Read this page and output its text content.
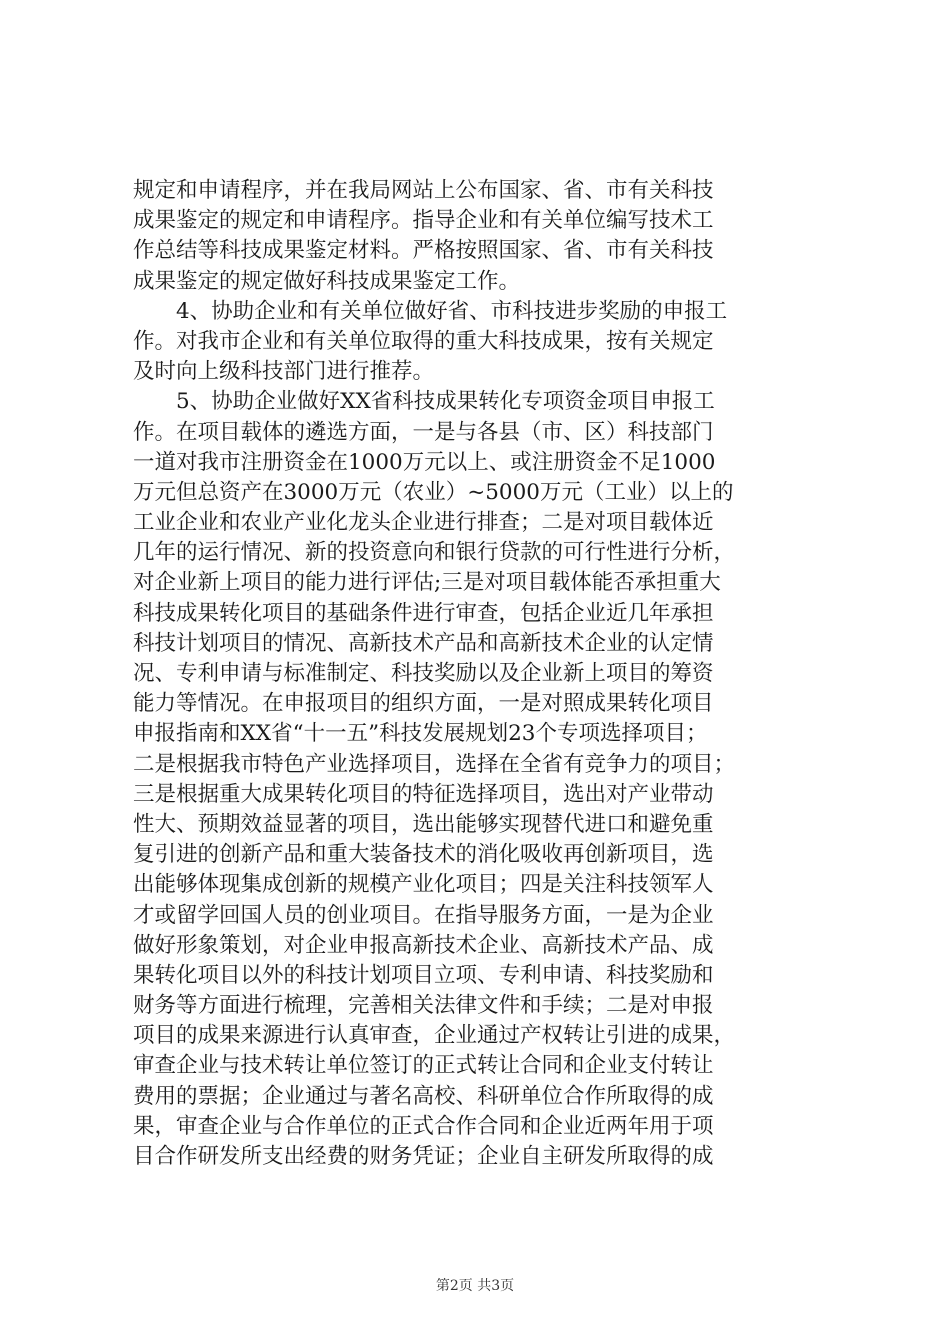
规定和申请程序，并在我局网站上公布国家、省、市有关科技
成果鉴定的规定和申请程序。指导企业和有关单位编写技术工
作总结等科技成果鉴定材料。严格按照国家、省、市有关科技
成果鉴定的规定做好科技成果鉴定工作。
　　4、协助企业和有关单位做好省、市科技进步奖励的申报工
作。对我市企业和有关单位取得的重大科技成果，按有关规定
及时向上级科技部门进行推荐。
　　5、协助企业做好XX省科技成果转化专项资金项目申报工
作。在项目载体的遴选方面，一是与各县（市、区）科技部门
一道对我市注册资金在1000万元以上、或注册资金不足1000
万元但总资产在3000万元（农业）~5000万元（工业）以上的
工业企业和农业产业化龙头企业进行排查；二是对项目载体近
几年的运行情况、新的投资意向和银行贷款的可行性进行分析，
对企业新上项目的能力进行评估;三是对项目载体能否承担重大
科技成果转化项目的基础条件进行审查，包括企业近几年承担
科技计划项目的情况、高新技术产品和高新技术企业的认定情
况、专利申请与标准制定、科技奖励以及企业新上项目的筹资
能力等情况。在申报项目的组织方面，一是对照成果转化项目
申报指南和XX省“十一五”科技发展规划23个专项选择项目；
二是根据我市特色产业选择项目，选择在全省有竞争力的项目；
三是根据重大成果转化项目的特征选择项目，选出对产业带动
性大、预期效益显著的项目，选出能够实现替代进口和避免重
复引进的创新产品和重大装备技术的消化吸收再创新项目，选
出能够体现集成创新的规模产业化项目；四是关注科技领军人
才或留学回国人员的创业项目。在指导服务方面，一是为企业
做好形象策划，对企业申报高新技术企业、高新技术产品、成
果转化项目以外的科技计划项目立项、专利申请、科技奖励和
财务等方面进行梳理，完善相关法律文件和手续；二是对申报
项目的成果来源进行认真审查，企业通过产权转让引进的成果，
审查企业与技术转让单位签订的正式转让合同和企业支付转让
费用的票据；企业通过与著名高校、科研单位合作所取得的成
果，审查企业与合作单位的正式合作合同和企业近两年用于项
目合作研发所支出经费的财务凭证；企业自主研发所取得的成
第2页 共3页
